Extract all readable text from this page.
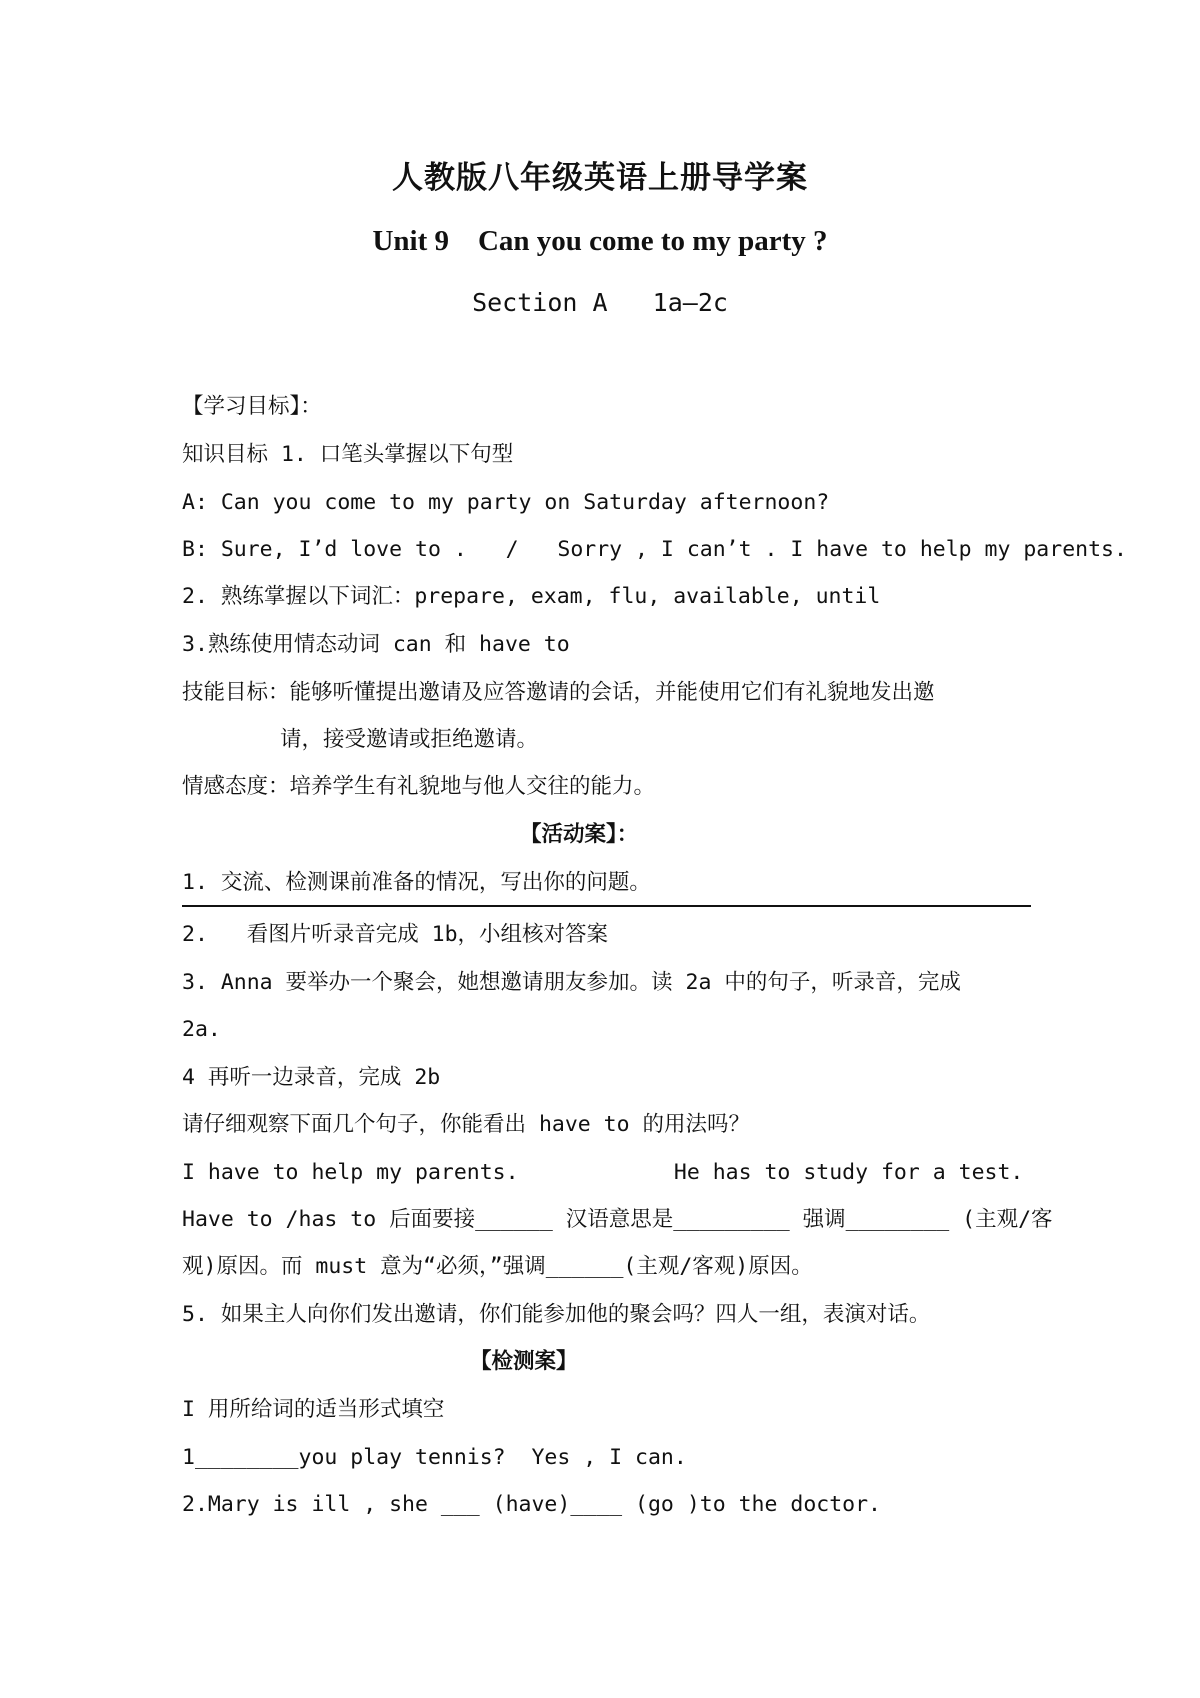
人教版八年级英语上册导学案
Unit 9    Can you come to my party ?
Section A   1a—2c
【学习目标】：
知识目标 1. 口笔头掌握以下句型
A: Can you come to my party on Saturday afternoon?
B: Sure, I’d love to .   /   Sorry , I can’t . I have to help my parents.
2. 熟练掌握以下词汇：prepare, exam, flu, available, until
3.熟练使用情态动词 can 和 have to
技能目标：能够听懂提出邀请及应答邀请的会话，并能使用它们有礼貌地发出邀
请，接受邀请或拒绝邀请。
情感态度：培养学生有礼貌地与他人交往的能力。
【活动案】：
1. 交流、检测课前准备的情况，写出你的问题。
2.   看图片听录音完成 1b，小组核对答案
3. Anna 要举办一个聚会，她想邀请朋友参加。读 2a 中的句子，听录音，完成
2a.
4 再听一边录音，完成 2b
请仔细观察下面几个句子，你能看出 have to 的用法吗？
I have to help my parents.            He has to study for a test.
Have to /has to 后面要接______ 汉语意思是_________ 强调________ (主观/客
观)原因。而 must 意为“必须，”强调______(主观/客观)原因。
5. 如果主人向你们发出邀请，你们能参加他的聚会吗？四人一组，表演对话。
【检测案】
I 用所给词的适当形式填空
1________you play tennis?  Yes , I can.
2.Mary is ill , she ___ (have)____ (go )to the doctor.
